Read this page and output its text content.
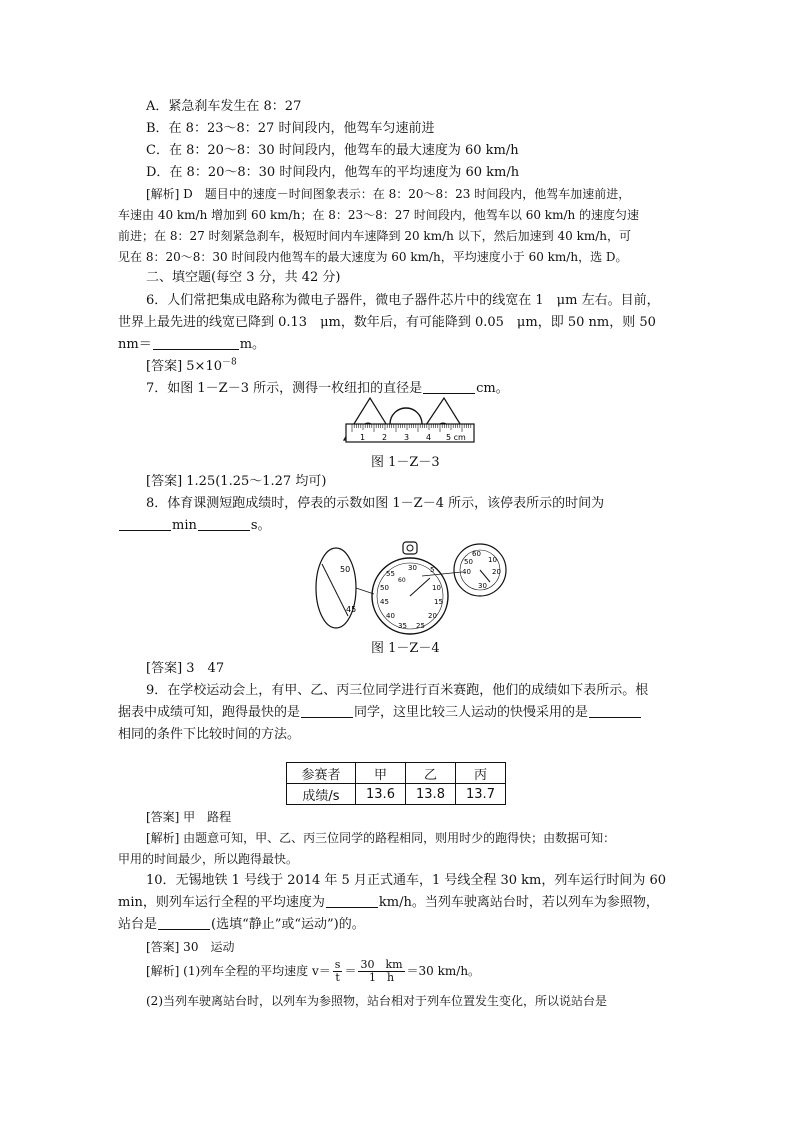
A．紧急刹车发生在 8：27
B．在 8：23～8：27 时间段内，他驾车匀速前进
C．在 8：20～8：30 时间段内，他驾车的最大速度为 60 km/h
D．在 8：20～8：30 时间段内，他驾车的平均速度为 60 km/h
[解析] D　题目中的速度－时间图象表示：在 8：20～8：23 时间段内，他驾车加速前进，
车速由 40 km/h 增加到 60 km/h；在 8：23～8：27 时间段内，他驾车以 60 km/h 的速度匀速
前进；在 8：27 时刻紧急刹车，极短时间内车速降到 20 km/h 以下，然后加速到 40 km/h，可
见在 8：20～8：30 时间段内他驾车的最大速度为 60 km/h，平均速度小于 60 km/h，选 D。
二、填空题(每空 3 分，共 42 分)
6．人们常把集成电路称为微电子器件，微电子器件芯片中的线宽在 1　μm 左右。目前，
世界上最先进的线宽已降到 0.13　μm，数年后，有可能降到 0.05　μm，即 50 nm，则 50
nm＝	m。
[答案] $5\times 10^{-8}$
7．如图 1－Z－3 所示，测得一枚纽扣的直径是	cm。
1 2 3 4 5 cm
图 1－Z－3
[答案] 1.25(1.25～1.27 均可)
8．体育课测短跑成绩时，停表的示数如图 1－Z－4 所示，该停表所示的时间为
min	s。
50
45
30
60
5
10
15
20
25
35
40
45
50
55
60
10
20
40
30
50
图 1－Z－4
[答案] 3　47
9．在学校运动会上，有甲、乙、丙三位同学进行百米赛跑，他们的成绩如下表所示。根
据表中成绩可知，跑得最快的是	同学，这里比较三人运动的快慢采用的是
相同的条件下比较时间的方法。
参赛者	甲	乙	丙
成绩/s	13.6	13.8	13.7
[答案] 甲　路程
[解析] 由题意可知，甲、乙、丙三位同学的路程相同，则用时少的跑得快；由数据可知：
甲用的时间最少，所以跑得最快。
10．无锡地铁 1 号线于 2014 年 5 月正式通车，1 号线全程 30 km，列车运行时间为 60
min，则列车运行全程的平均速度为	km/h。当列车驶离站台时，若以列车为参照物，
站台是	(选填“静止”或“运动”)的。
[答案] 30　运动
[解析] (1)列车全程的平均速度 $v= \frac{s}{t} = \frac{30 km}{1 h} =30$ km/h。
(2)当列车驶离站台时，以列车为参照物，站台相对于列车位置发生变化，所以说站台是
